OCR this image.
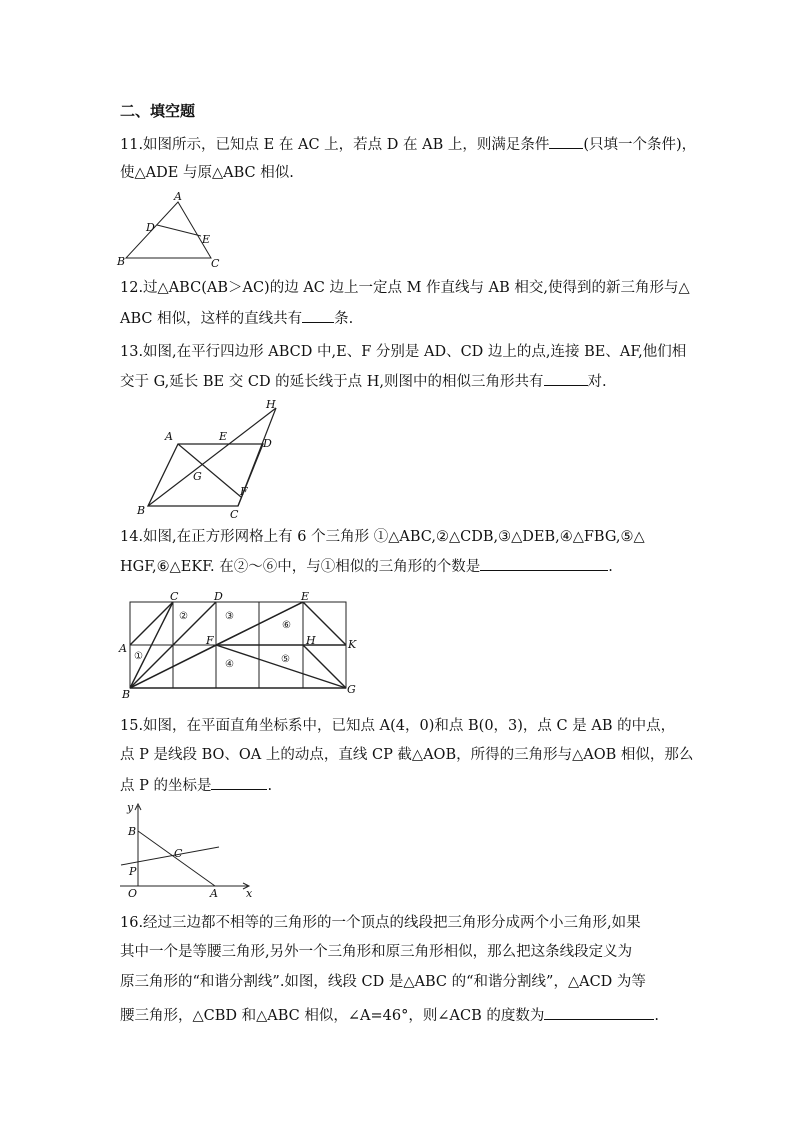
二、填空题
11.如图所示，已知点 E 在 AC 上，若点 D 在 AB 上，则满足条件 (只填一个条件)，
使△ADE 与原△ABC 相似.
A
D
E
B	C
12.过△ABC(AB＞AC)的边 AC 边上一定点 M 作直线与 AB 相交,使得到的新三角形与△
ABC 相似，这样的直线共有 条.
13.如图,在平行四边形 ABCD 中,E、F 分别是 AD、CD 边上的点,连接 BE、AF,他们相
交于 G,延长 BE 交 CD 的延长线于点 H,则图中的相似三角形共有	对.
H
A	E
D
G
F
B	C
14.如图,在正方形网格上有 6 个三角形 ①△ABC,②△CDB,③△DEB,④△FBG,⑤△
HGF,⑥△EKF. 在②～⑥中，与①相似的三角形的个数是	.
C	D	E
A
F	H	K
B	G
①
②	③
④	⑤
⑥
15.如图，在平面直角坐标系中，已知点 A(4，0)和点 B(0，3)，点 C 是 AB 的中点，
点 P 是线段 BO、OA 上的动点，直线 CP 截△AOB，所得的三角形与△AOB 相似，那么
点 P 的坐标是	.
y
B
C
P
O	A	x
16.经过三边都不相等的三角形的一个顶点的线段把三角形分成两个小三角形,如果
其中一个是等腰三角形,另外一个三角形和原三角形相似，那么把这条线段定义为
原三角形的“和谐分割线”.如图，线段 CD 是△ABC 的“和谐分割线”，△ACD 为等
腰三角形，△CBD 和△ABC 相似，∠A=46°，则∠ACB 的度数为	.
